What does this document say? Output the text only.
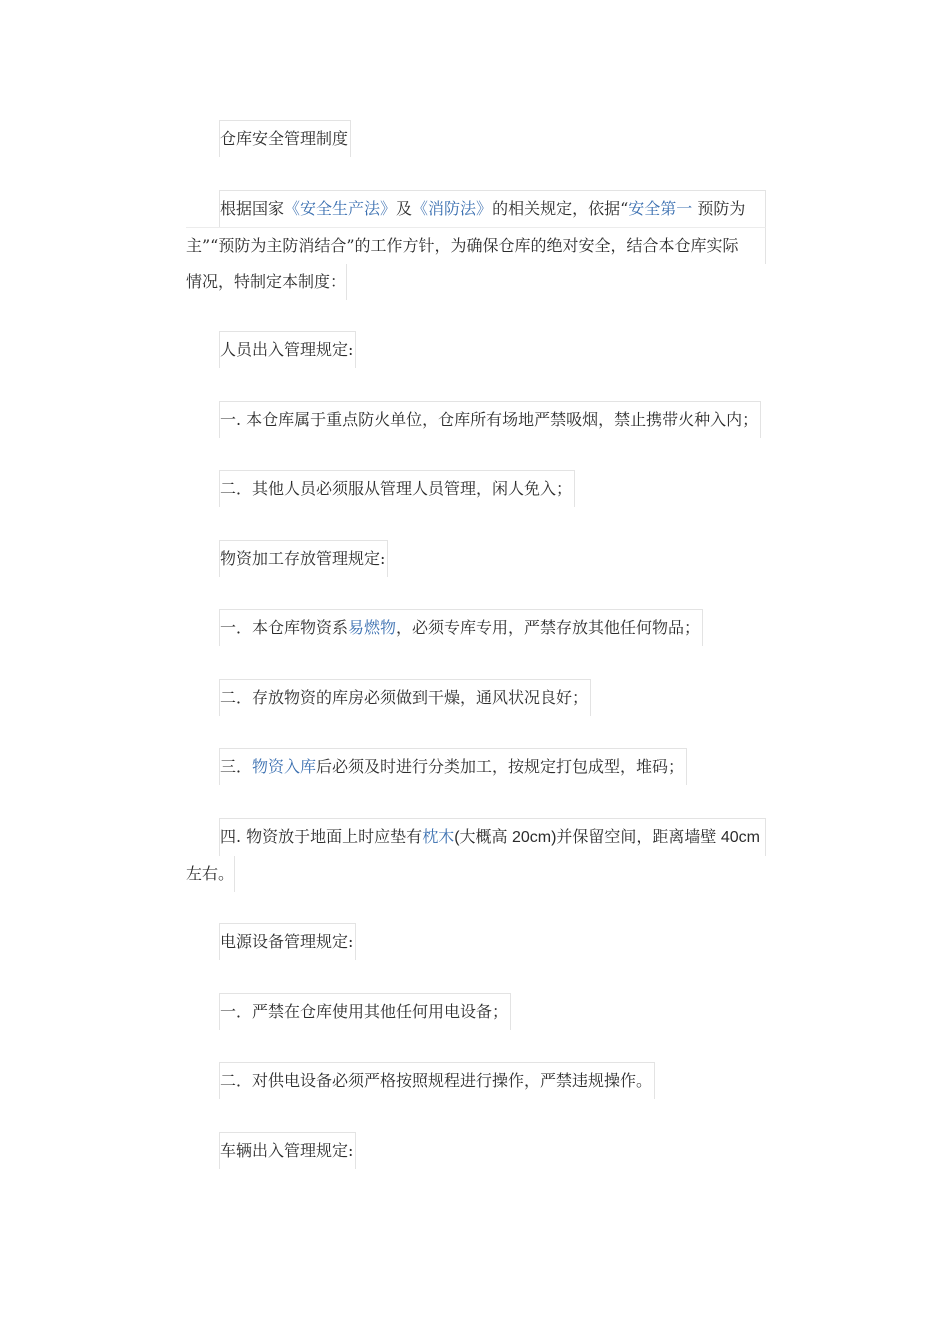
仓库安全管理制度
根据国家《安全生产法》及《消防法》的相关规定，依据“安全第一 预防为
主”“预防为主防消结合”的工作方针，为确保仓库的绝对安全，结合本仓库实际
情况，特制定本制度：
人员出入管理规定:
一. 本仓库属于重点防火单位，仓库所有场地严禁吸烟，禁止携带火种入内；
二．其他人员必须服从管理人员管理，闲人免入；
物资加工存放管理规定:
一．本仓库物资系易燃物，必须专库专用，严禁存放其他任何物品；
二．存放物资的库房必须做到干燥，通风状况良好；
三．物资入库后必须及时进行分类加工，按规定打包成型，堆码；
四. 物资放于地面上时应垫有枕木(大概高 20cm)并保留空间，距离墙壁 40cm
左右。
电源设备管理规定:
一．严禁在仓库使用其他任何用电设备；
二．对供电设备必须严格按照规程进行操作，严禁违规操作。
车辆出入管理规定:
